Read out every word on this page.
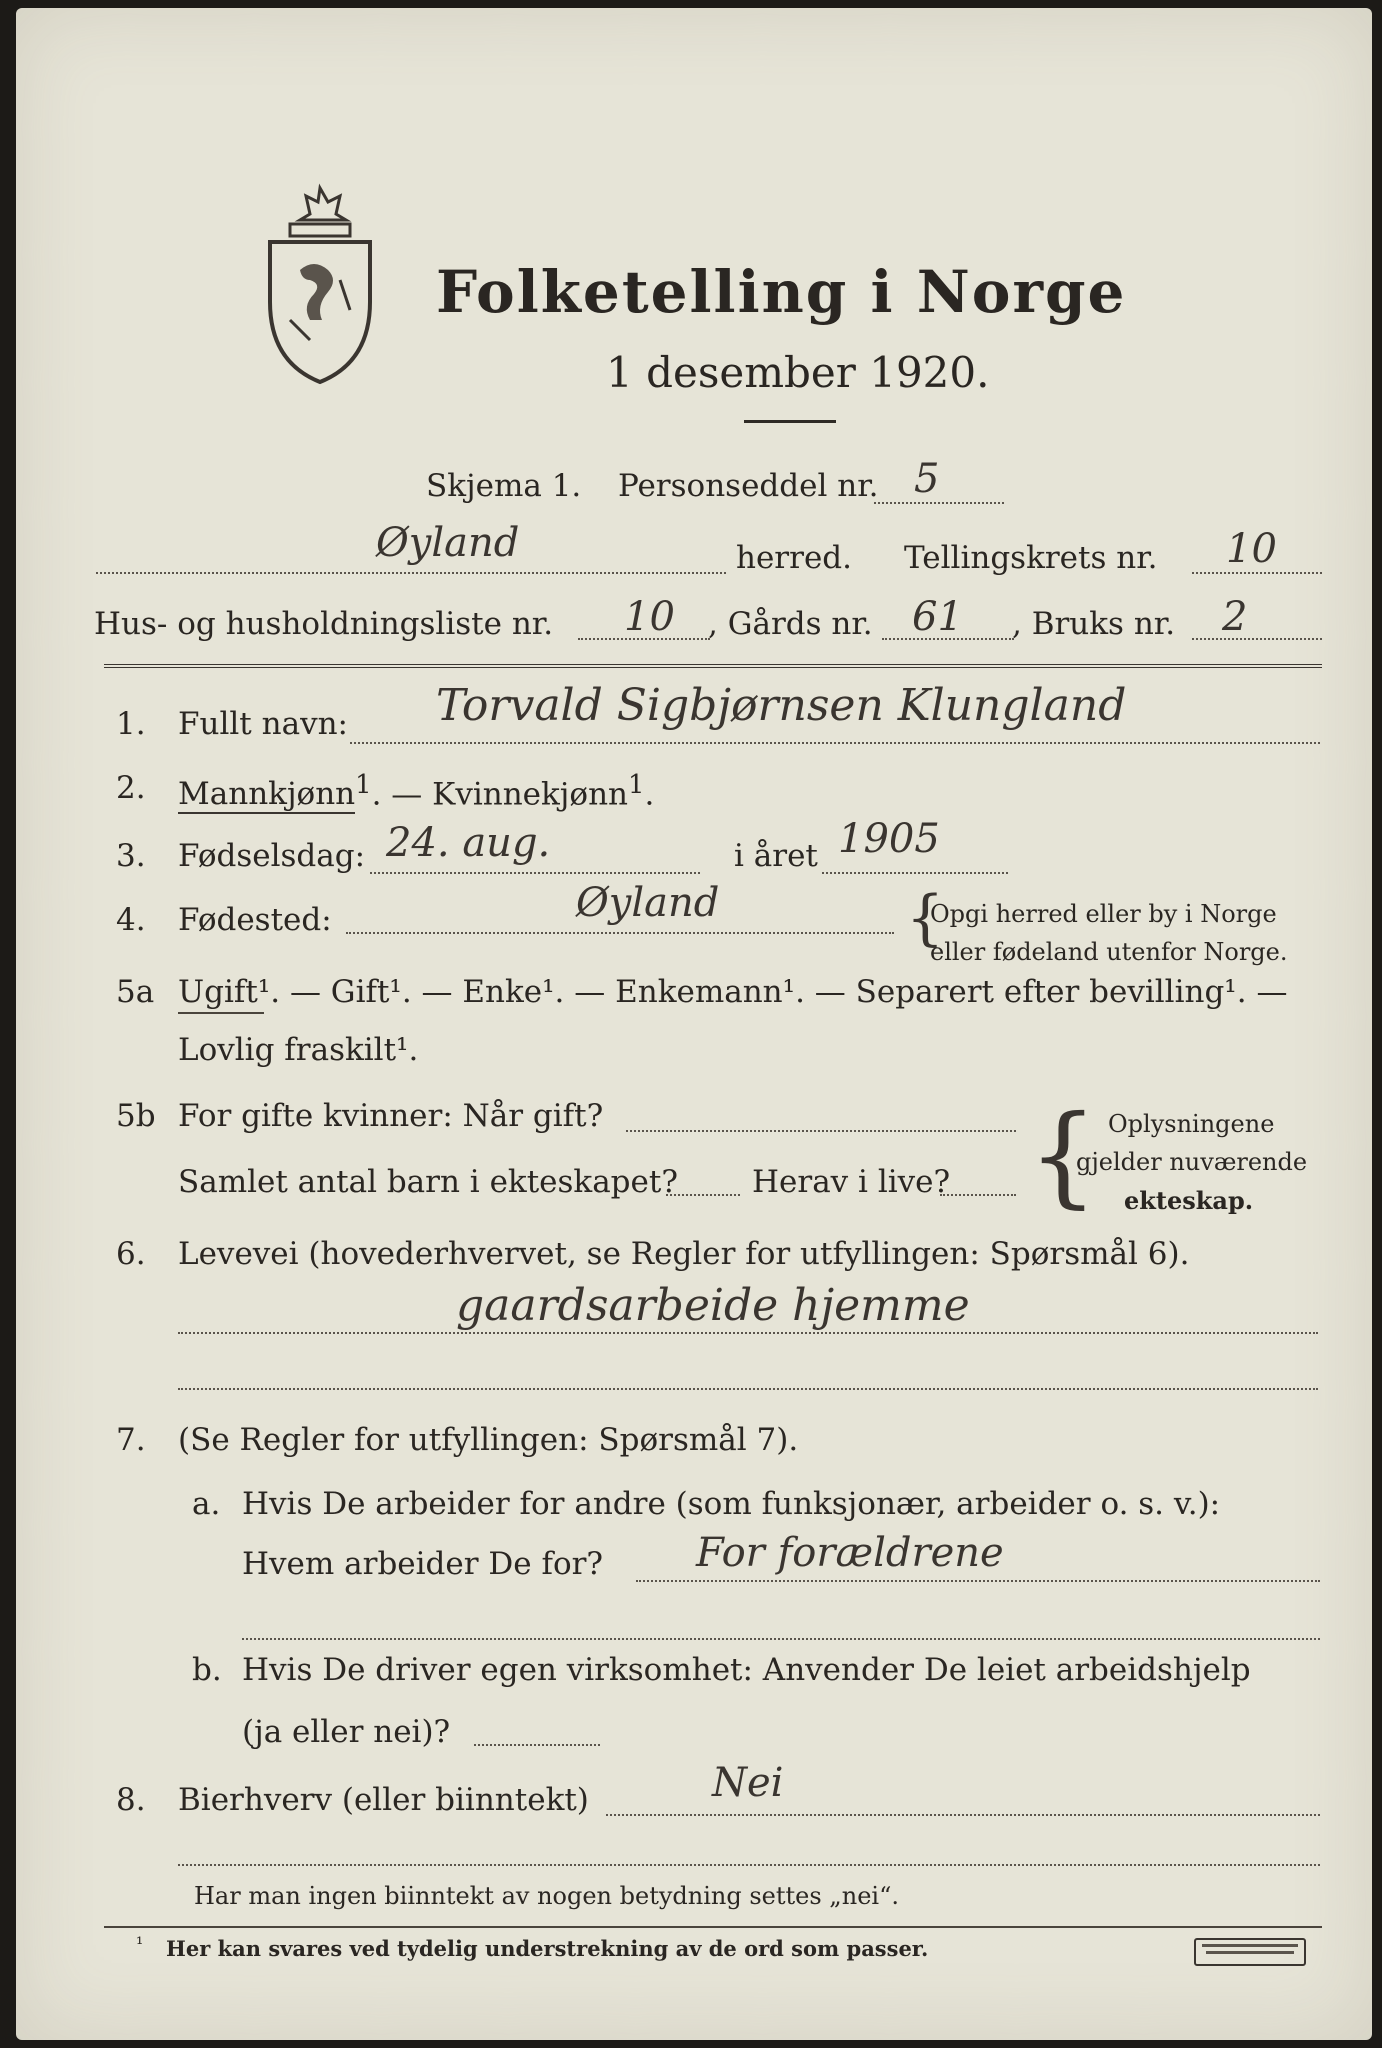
Folketelling i Norge
1 desember 1920.
Skjema 1. Personseddel nr. 5
Øyland	herred. Tellingskrets nr. 10
Hus- og husholdningsliste nr. 10 , Gårds nr. 61 , Bruks nr. 2
1. Fullt navn: Torvald Sigbjørnsen Klungland
2. Mannkjønn$^1$. — Kvinnekjønn$^1$.
3. Fødselsdag: 24. aug.	i året 1905
4. Fødested:	Øyland	{
Opgi herred eller by i Norge
eller fødeland utenfor Norge.
5a Ugift¹. — Gift¹. — Enke¹. — Enkemann¹. — Separert efter bevilling¹. —
Lovlig fraskilt¹.
5b For gifte kvinner: Når gift?
Samlet antal barn i ekteskapet? Herav i live? { Oplysningene
gjelder nuværende
ekteskap.
6. Levevei (hovederhvervet, se Regler for utfyllingen: Spørsmål 6).
gaardsarbeide hjemme
7. (Se Regler for utfyllingen: Spørsmål 7).
a. Hvis De arbeider for andre (som funksjonær, arbeider o. s. v.):
Hvem arbeider De for? For forældrene
b. Hvis De driver egen virksomhet: Anvender De leiet arbeidshjelp
(ja eller nei)?
8. Bierhverv (eller biinntekt)	Nei
Har man ingen biinntekt av nogen betydning settes „nei“.
¹ Her kan svares ved tydelig understrekning av de ord som passer.
